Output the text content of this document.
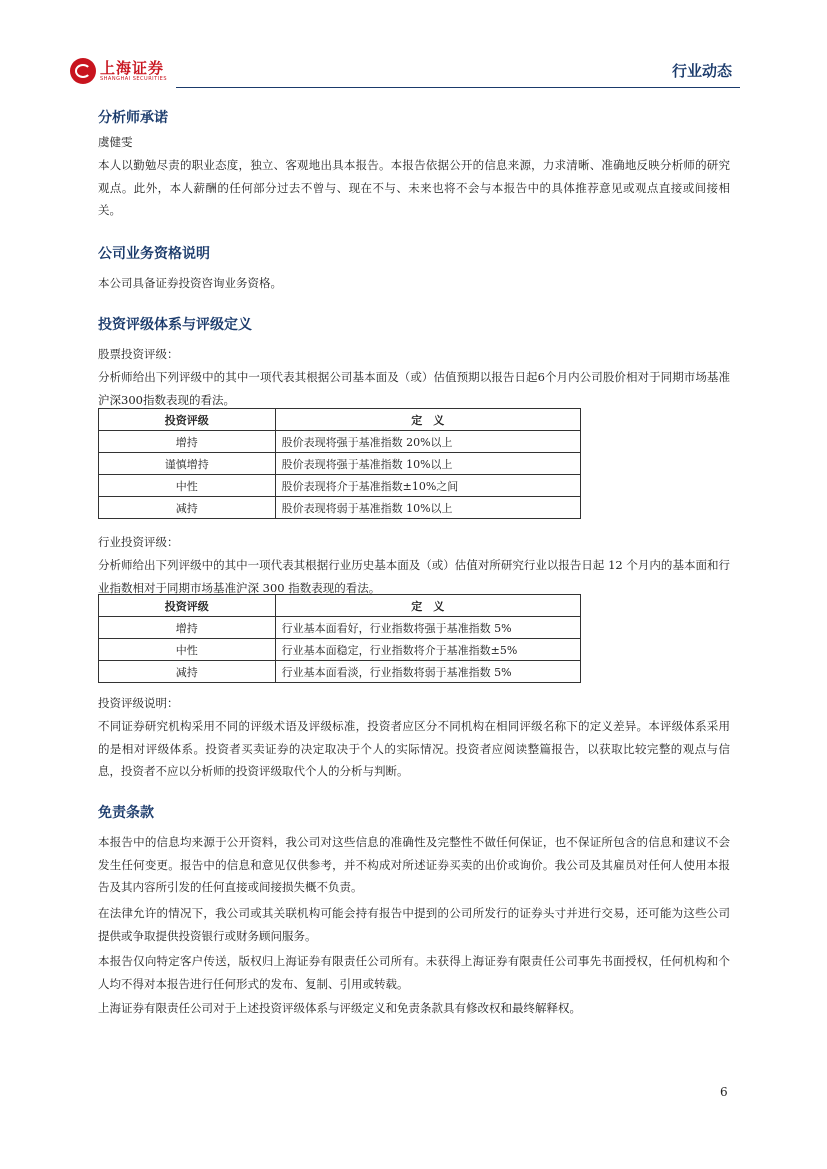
上海证券
SHANGHAI SECURITIES	行业动态
分析师承诺

虞健雯

本人以勤勉尽责的职业态度，独立、客观地出具本报告。本报告依据公开的信息来源，力求清晰、准确地反映分析师的研究观点。此外，本人薪酬的任何部分过去不曾与、现在不与、未来也将不会与本报告中的具体推荐意见或观点直接或间接相关。

公司业务资格说明

本公司具备证券投资咨询业务资格。

投资评级体系与评级定义

股票投资评级：

分析师给出下列评级中的其中一项代表其根据公司基本面及（或）估值预期以报告日起6个月内公司股价相对于同期市场基准沪深300指数表现的看法。

投资评级	定　义
增持	股价表现将强于基准指数 20%以上
谨慎增持	股价表现将强于基准指数 10%以上
中性	股价表现将介于基准指数±10%之间
减持	股价表现将弱于基准指数 10%以上

行业投资评级：

分析师给出下列评级中的其中一项代表其根据行业历史基本面及（或）估值对所研究行业以报告日起 12 个月内的基本面和行业指数相对于同期市场基准沪深 300 指数表现的看法。

投资评级	定　义
增持	行业基本面看好，行业指数将强于基准指数 5%
中性	行业基本面稳定，行业指数将介于基准指数±5%
减持	行业基本面看淡，行业指数将弱于基准指数 5%

投资评级说明：

不同证券研究机构采用不同的评级术语及评级标准，投资者应区分不同机构在相同评级名称下的定义差异。本评级体系采用的是相对评级体系。投资者买卖证券的决定取决于个人的实际情况。投资者应阅读整篇报告，以获取比较完整的观点与信息，投资者不应以分析师的投资评级取代个人的分析与判断。

免责条款

本报告中的信息均来源于公开资料，我公司对这些信息的准确性及完整性不做任何保证，也不保证所包含的信息和建议不会发生任何变更。报告中的信息和意见仅供参考，并不构成对所述证券买卖的出价或询价。我公司及其雇员对任何人使用本报告及其内容所引发的任何直接或间接损失概不负责。

在法律允许的情况下，我公司或其关联机构可能会持有报告中提到的公司所发行的证券头寸并进行交易，还可能为这些公司提供或争取提供投资银行或财务顾问服务。

本报告仅向特定客户传送，版权归上海证券有限责任公司所有。未获得上海证券有限责任公司事先书面授权，任何机构和个人均不得对本报告进行任何形式的发布、复制、引用或转载。

上海证券有限责任公司对于上述投资评级体系与评级定义和免责条款具有修改权和最终解释权。

6
